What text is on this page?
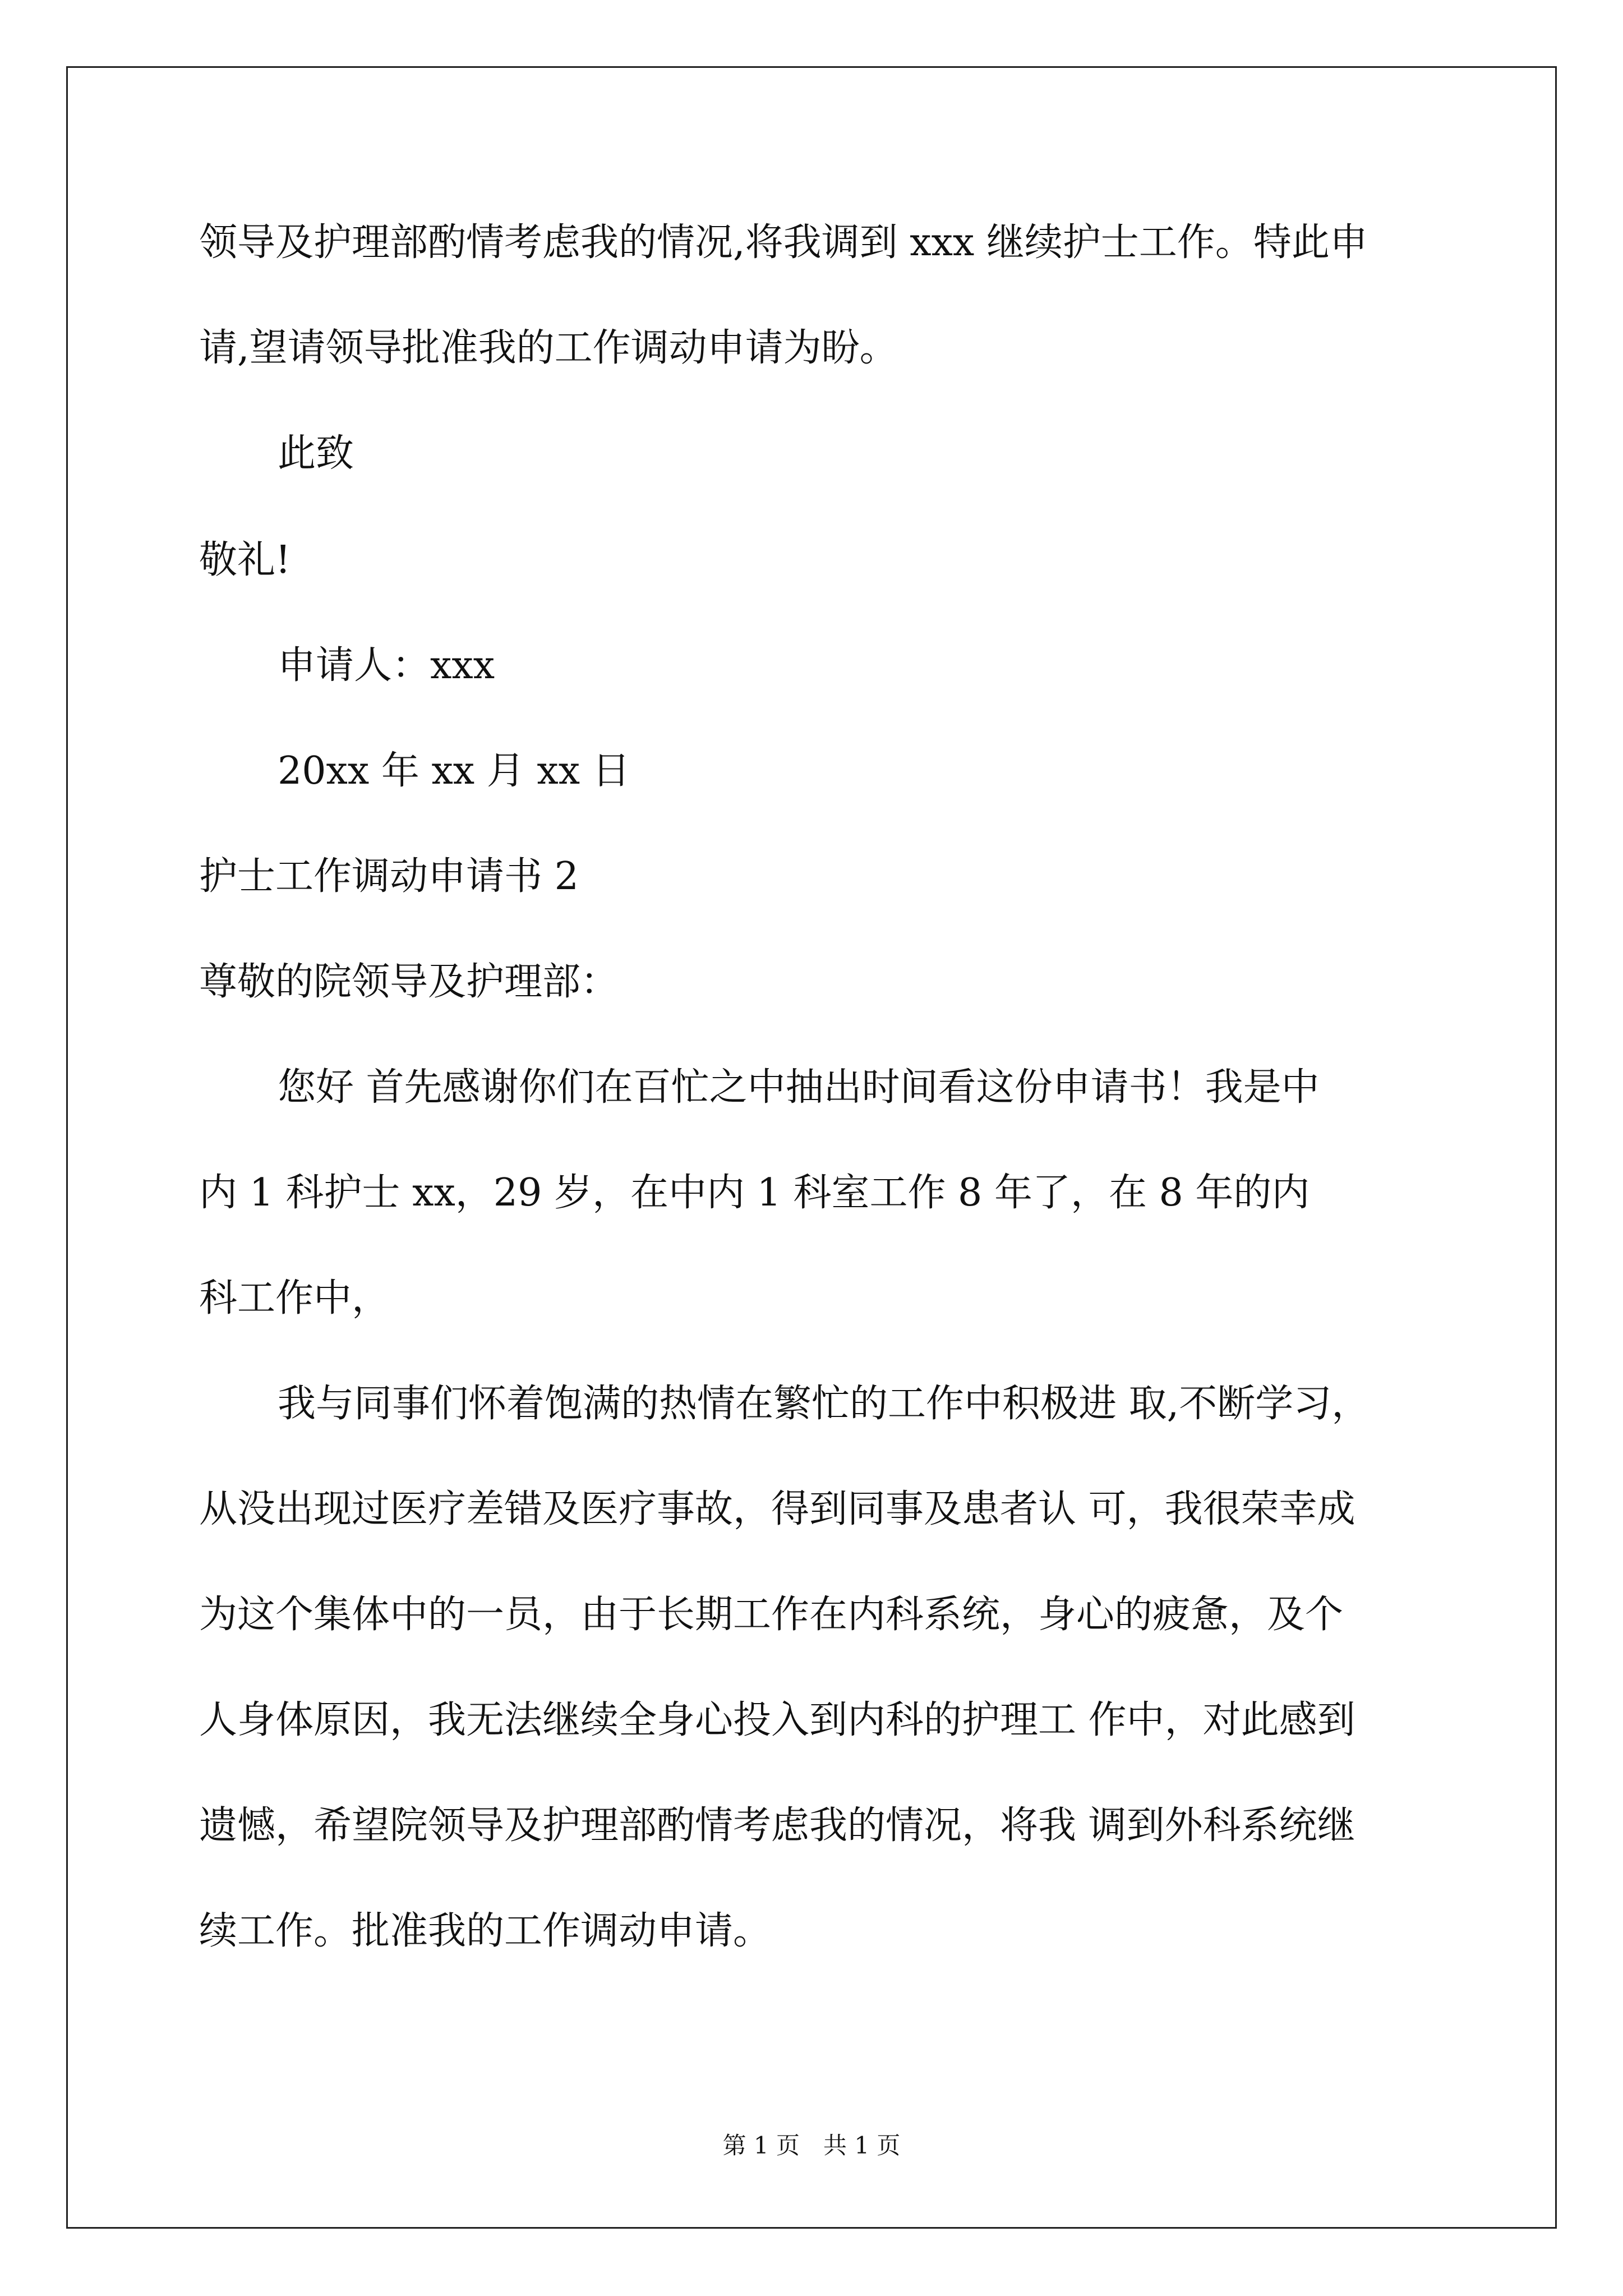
领导及护理部酌情考虑我的情况,将我调到 xxx 继续护士工作。特此申

请,望请领导批准我的工作调动申请为盼。

此致

敬礼!

申请人：xxx

20xx 年 xx 月 xx 日

护士工作调动申请书 2

尊敬的院领导及护理部：

您好 首先感谢你们在百忙之中抽出时间看这份申请书！我是中

内 1 科护士 xx，29 岁，在中内 1 科室工作 8 年了，在 8 年的内

科工作中，

我与同事们怀着饱满的热情在繁忙的工作中积极进 取,不断学习，

从没出现过医疗差错及医疗事故，得到同事及患者认 可，我很荣幸成

为这个集体中的一员，由于长期工作在内科系统，身心的疲惫，及个

人身体原因，我无法继续全身心投入到内科的护理工 作中，对此感到

遗憾，希望院领导及护理部酌情考虑我的情况，将我 调到外科系统继

续工作。批准我的工作调动申请。

第 1 页　共 1 页
